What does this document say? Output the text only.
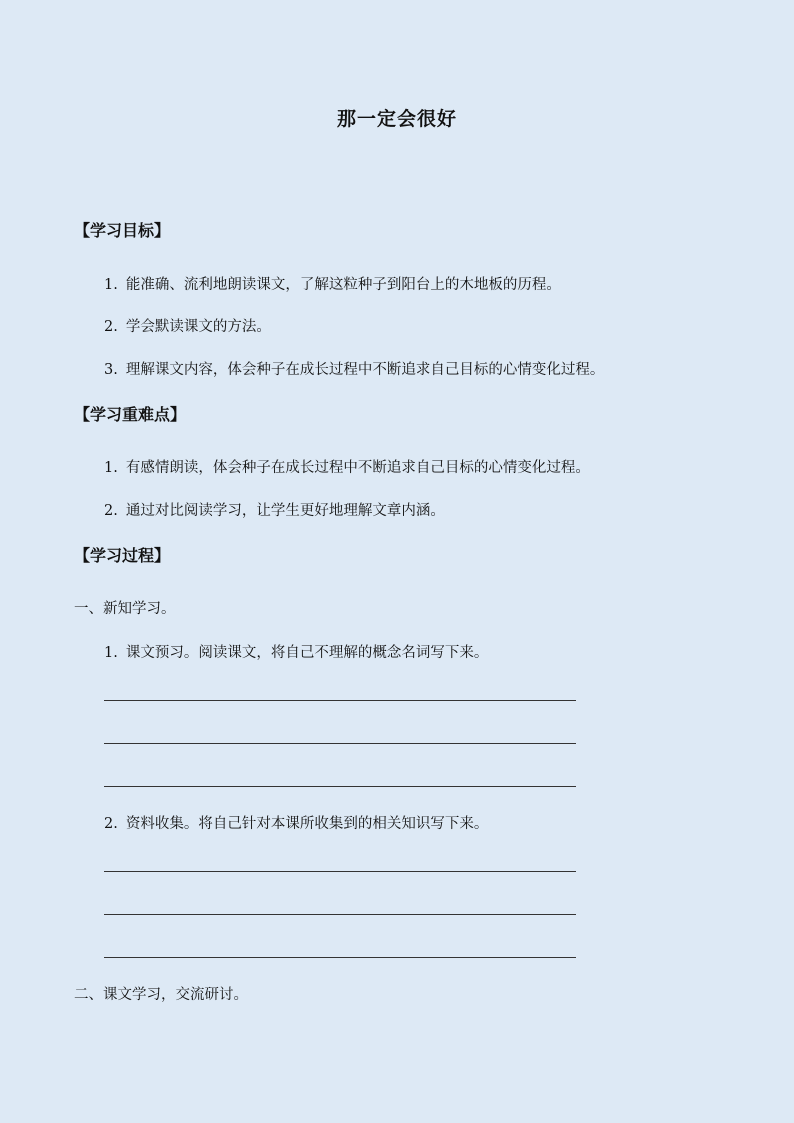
那一定会很好
【学习目标】
1. 能准确、流利地朗读课文，了解这粒种子到阳台上的木地板的历程。
2. 学会默读课文的方法。
3. 理解课文内容，体会种子在成长过程中不断追求自己目标的心情变化过程。
【学习重难点】
1. 有感情朗读，体会种子在成长过程中不断追求自己目标的心情变化过程。
2. 通过对比阅读学习，让学生更好地理解文章内涵。
【学习过程】
一、新知学习。
1. 课文预习。阅读课文，将自己不理解的概念名词写下来。
2. 资料收集。将自己针对本课所收集到的相关知识写下来。
二、课文学习，交流研讨。
